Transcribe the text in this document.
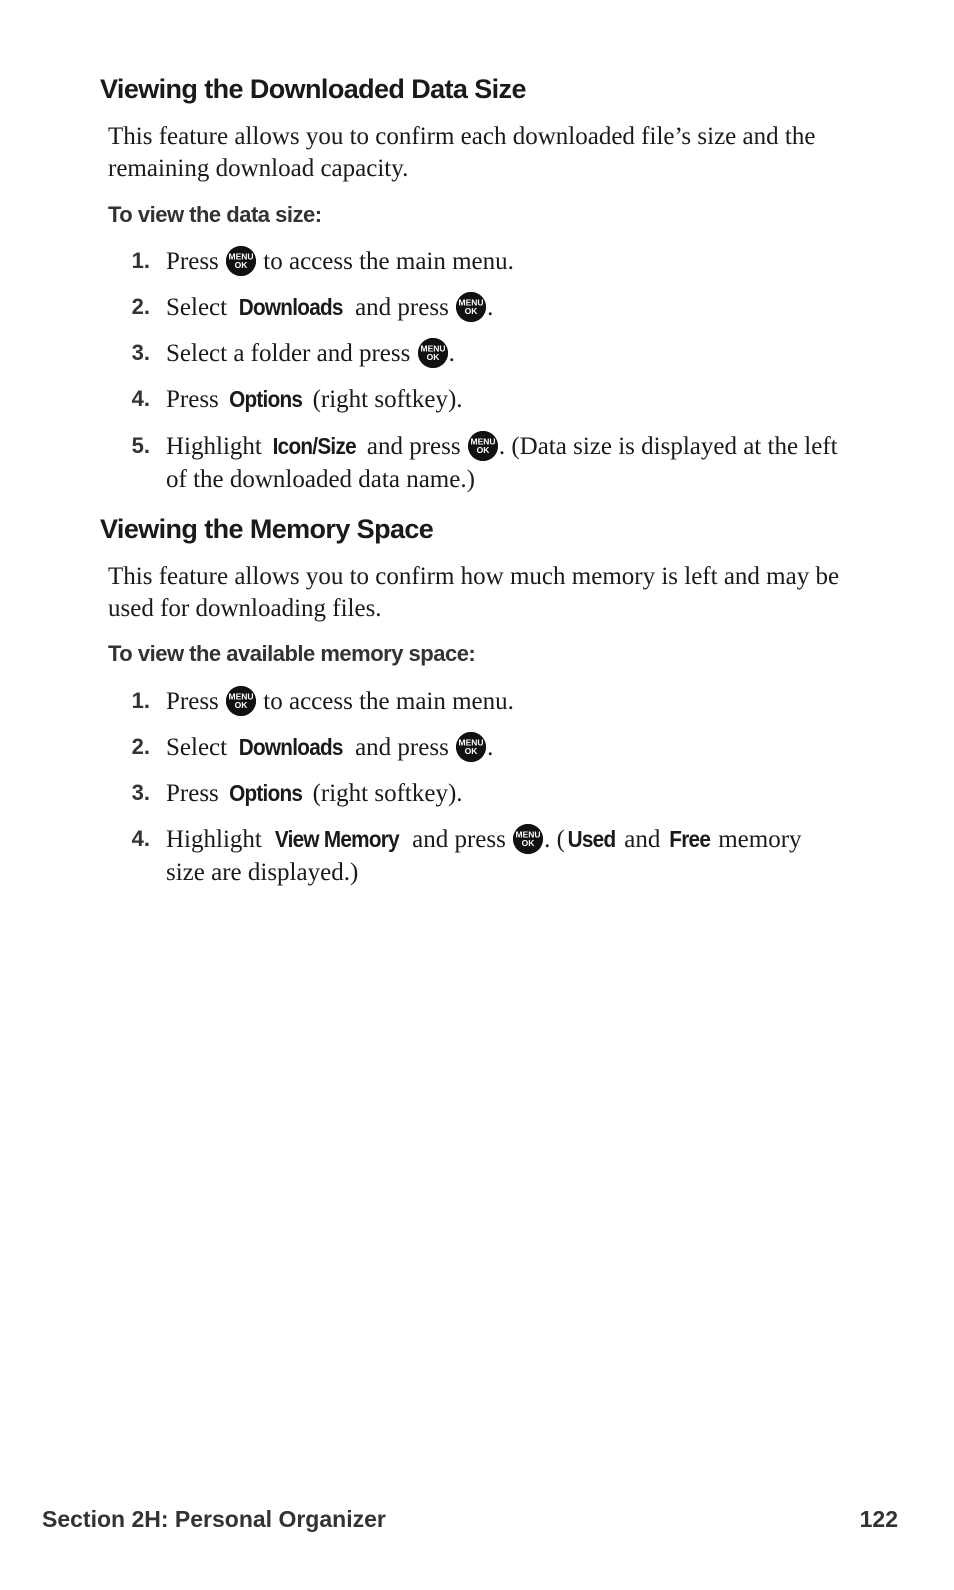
Viewing the Downloaded Data Size

This feature allows you to confirm each downloaded file’s size and the remaining download capacity.

To view the data size:

1. Press to access the main menu.
2. Select Downloads and press .
3. Select a folder and press .
4. Press Options (right softkey).
5. Highlight Icon/Size and press . (Data size is displayed at the left of the downloaded data name.)
Viewing the Memory Space

This feature allows you to confirm how much memory is left and may be used for downloading files.

To view the available memory space:

1. Press to access the main menu.
2. Select Downloads and press .
3. Press Options (right softkey).
4. Highlight View Memory and press . ( Used and Free memory size are displayed.)

Section 2H: Personal Organizer	122
